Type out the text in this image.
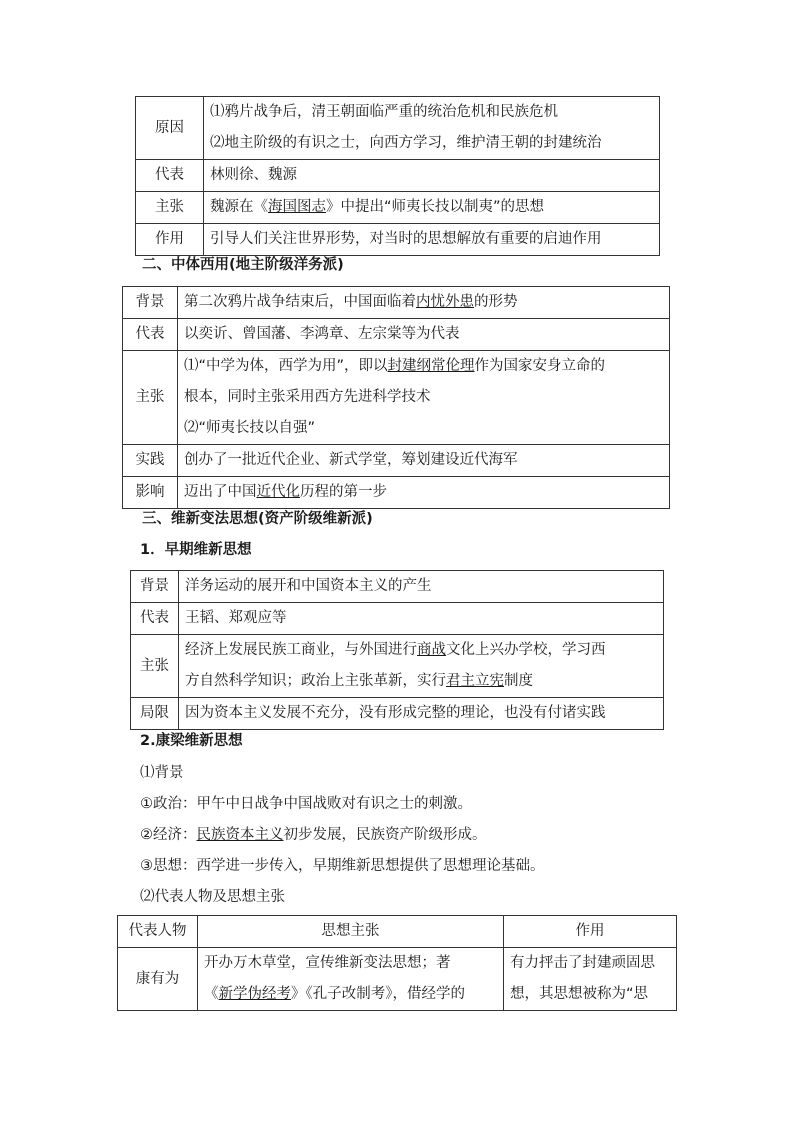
原因	⑴鸦片战争后，清王朝面临严重的统治危机和民族危机
⑵地主阶级的有识之士，向西方学习，维护清王朝的封建统治

代表	林则徐、魏源
主张	魏源在《海国图志》中提出“师夷长技以制夷”的思想
作用	引导人们关注世界形势，对当时的思想解放有重要的启迪作用
二、中体西用(地主阶级洋务派)
背景	第二次鸦片战争结束后，中国面临着内忧外患的形势
代表	以奕䜣、曾国藩、李鸿章、左宗棠等为代表
主张	⑴“中学为体，西学为用”，即以封建纲常伦理作为国家安身立命的
根本，同时主张采用西方先进科学技术
⑵“师夷长技以自强”

实践	创办了一批近代企业、新式学堂，筹划建设近代海军
影响	迈出了中国近代化历程的第一步
三、维新变法思想(资产阶级维新派)
1．早期维新思想
背景	洋务运动的展开和中国资本主义的产生
代表	王韬、郑观应等
主张	经济上发展民族工商业，与外国进行商战文化上兴办学校，学习西
方自然科学知识；政治上主张革新，实行君主立宪制度

局限	因为资本主义发展不充分，没有形成完整的理论，也没有付诸实践
2.康梁维新思想
⑴背景
①政治：甲午中日战争中国战败对有识之士的刺激。
②经济：民族资本主义初步发展，民族资产阶级形成。
③思想：西学进一步传入，早期维新思想提供了思想理论基础。
⑵代表人物及思想主张
代表人物	思想主张	作用
康有为	开办万木草堂，宣传维新变法思想；著
《新学伪经考》《孔子改制考》，借经学的	有力抨击了封建顽固思
想，其思想被称为“思
